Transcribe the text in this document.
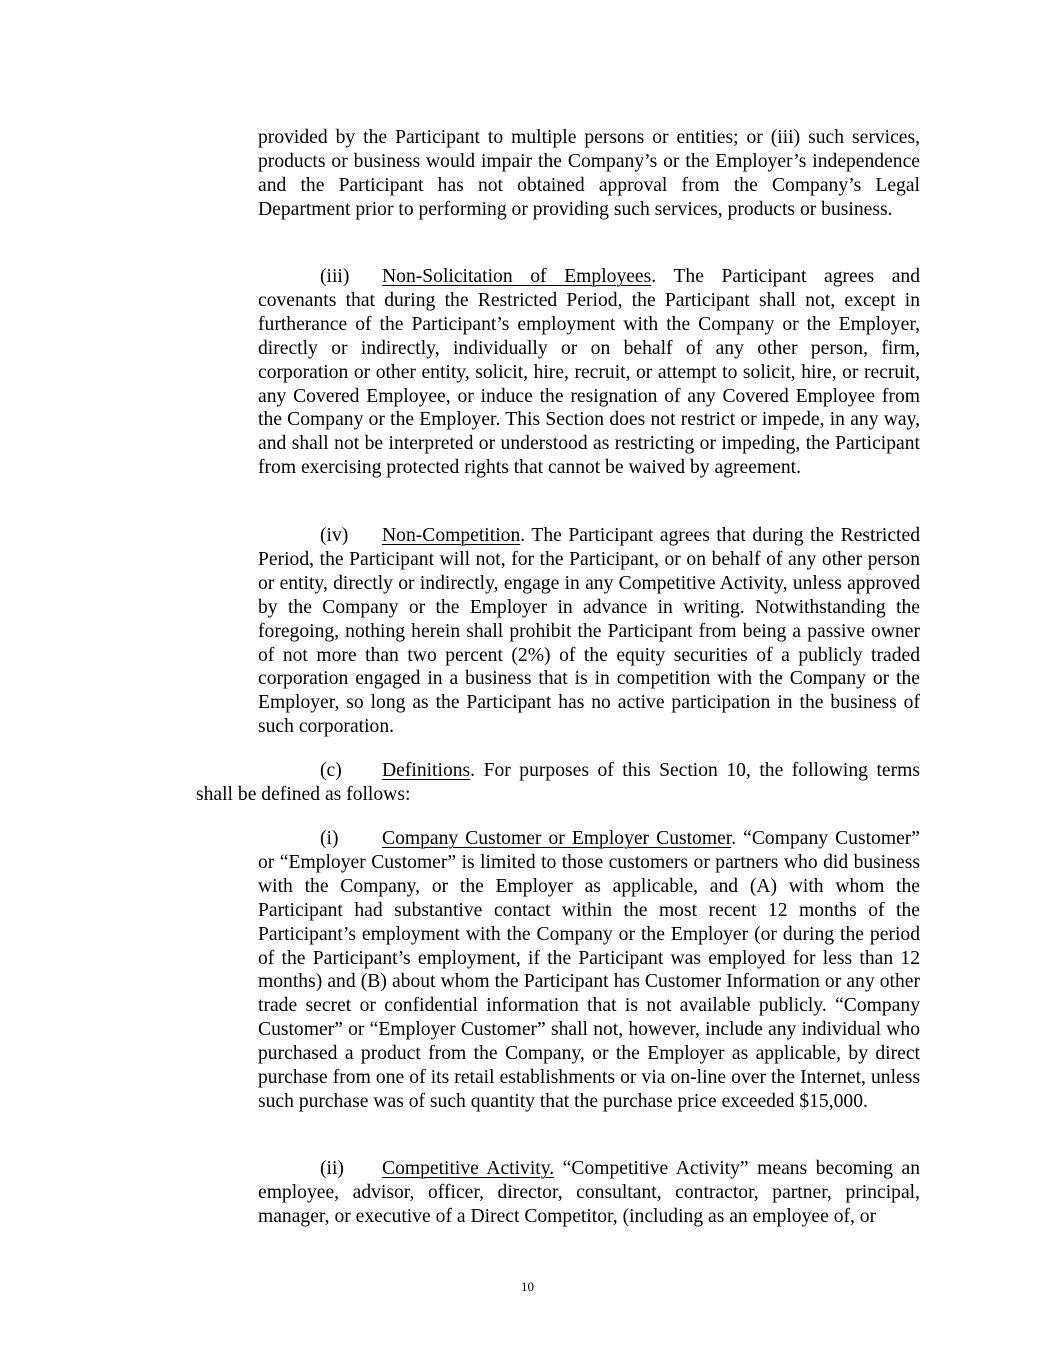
provided by the Participant to multiple persons or entities; or (iii) such services, products or business would impair the Company’s or the Employer’s independence and the Participant has not obtained approval from the Company’s Legal Department prior to performing or providing such services, products or business.

(iii) Non-Solicitation of Employees. The Participant agrees and covenants that during the Restricted Period, the Participant shall not, except in furtherance of the Participant’s employment with the Company or the Employer, directly or indirectly, individually or on behalf of any other person, firm, corporation or other entity, solicit, hire, recruit, or attempt to solicit, hire, or recruit, any Covered Employee, or induce the resignation of any Covered Employee from the Company or the Employer. This Section does not restrict or impede, in any way, and shall not be interpreted or understood as restricting or impeding, the Participant from exercising protected rights that cannot be waived by agreement.

(iv) Non-Competition. The Participant agrees that during the Restricted Period, the Participant will not, for the Participant, or on behalf of any other person or entity, directly or indirectly, engage in any Competitive Activity, unless approved by the Company or the Employer in advance in writing. Notwithstanding the foregoing, nothing herein shall prohibit the Participant from being a passive owner of not more than two percent (2%) of the equity securities of a publicly traded corporation engaged in a business that is in competition with the Company or the Employer, so long as the Participant has no active participation in the business of such corporation.

(c) Definitions. For purposes of this Section 10, the following terms shall be defined as follows:

(i) Company Customer or Employer Customer. “Company Customer” or “Employer Customer” is limited to those customers or partners who did business with the Company, or the Employer as applicable, and (A) with whom the Participant had substantive contact within the most recent 12 months of the Participant’s employment with the Company or the Employer (or during the period of the Participant’s employment, if the Participant was employed for less than 12 months) and (B) about whom the Participant has Customer Information or any other trade secret or confidential information that is not available publicly. “Company Customer” or “Employer Customer” shall not, however, include any individual who purchased a product from the Company, or the Employer as applicable, by direct purchase from one of its retail establishments or via on-line over the Internet, unless such purchase was of such quantity that the purchase price exceeded $15,000.

(ii) Competitive Activity. “Competitive Activity” means becoming an employee, advisor, officer, director, consultant, contractor, partner, principal, manager, or executive of a Direct Competitor, (including as an employee of, or

10
